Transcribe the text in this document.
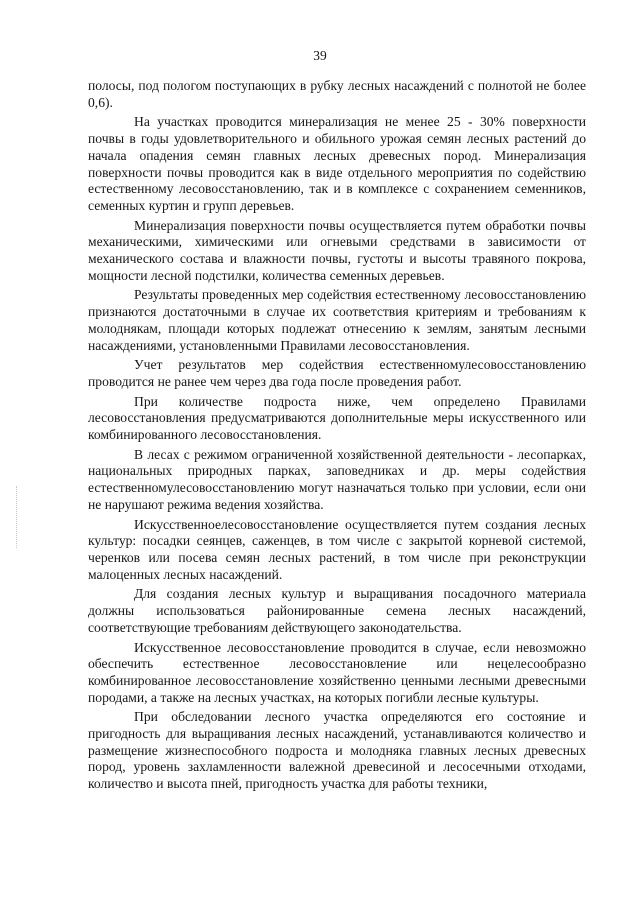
39

полосы, под пологом поступающих в рубку лесных насаждений с полнотой не более 0,6).

На участках проводится минерализация не менее 25 - 30% поверхности почвы в годы удовлетворительного и обильного урожая семян лесных растений до начала опадения семян главных лесных древесных пород. Минерализация поверхности почвы проводится как в виде отдельного мероприятия по содействию естественному лесовосстановлению, так и в комплексе с сохранением семенников, семенных куртин и групп деревьев.

Минерализация поверхности почвы осуществляется путем обработки почвы механическими, химическими или огневыми средствами в зависимости от механического состава и влажности почвы, густоты и высоты травяного покрова, мощности лесной подстилки, количества семенных деревьев.

Результаты проведенных мер содействия естественному лесовосстановлению признаются достаточными в случае их соответствия критериям и требованиям к молоднякам, площади которых подлежат отнесению к землям, занятым лесными насаждениями, установленными Правилами лесовосстановления.

Учет результатов мер содействия естественномулесовосстановлению проводится не ранее чем через два года после проведения работ.

При количестве подроста ниже, чем определено Правилами лесовосстановления предусматриваются дополнительные меры искусственного или комбинированного лесовосстановления.

В лесах с режимом ограниченной хозяйственной деятельности - лесопарках, национальных природных парках, заповедниках и др. меры содействия естественномулесовосстановлению могут назначаться только при условии, если они не нарушают режима ведения хозяйства.

Искусственноелесовосстановление осуществляется путем создания лесных культур: посадки сеянцев, саженцев, в том числе с закрытой корневой системой, черенков или посева семян лесных растений, в том числе при реконструкции малоценных лесных насаждений.

Для создания лесных культур и выращивания посадочного материала должны использоваться районированные семена лесных насаждений, соответствующие требованиям действующего законодательства.

Искусственное лесовосстановление проводится в случае, если невозможно обеспечить естественное лесовосстановление или нецелесообразно комбинированное лесовосстановление хозяйственно ценными лесными древесными породами, а также на лесных участках, на которых погибли лесные культуры.

При обследовании лесного участка определяются его состояние и пригодность для выращивания лесных насаждений, устанавливаются количество и размещение жизнеспособного подроста и молодняка главных лесных древесных пород, уровень захламленности валежной древесиной и лесосечными отходами, количество и высота пней, пригодность участка для работы техники,
